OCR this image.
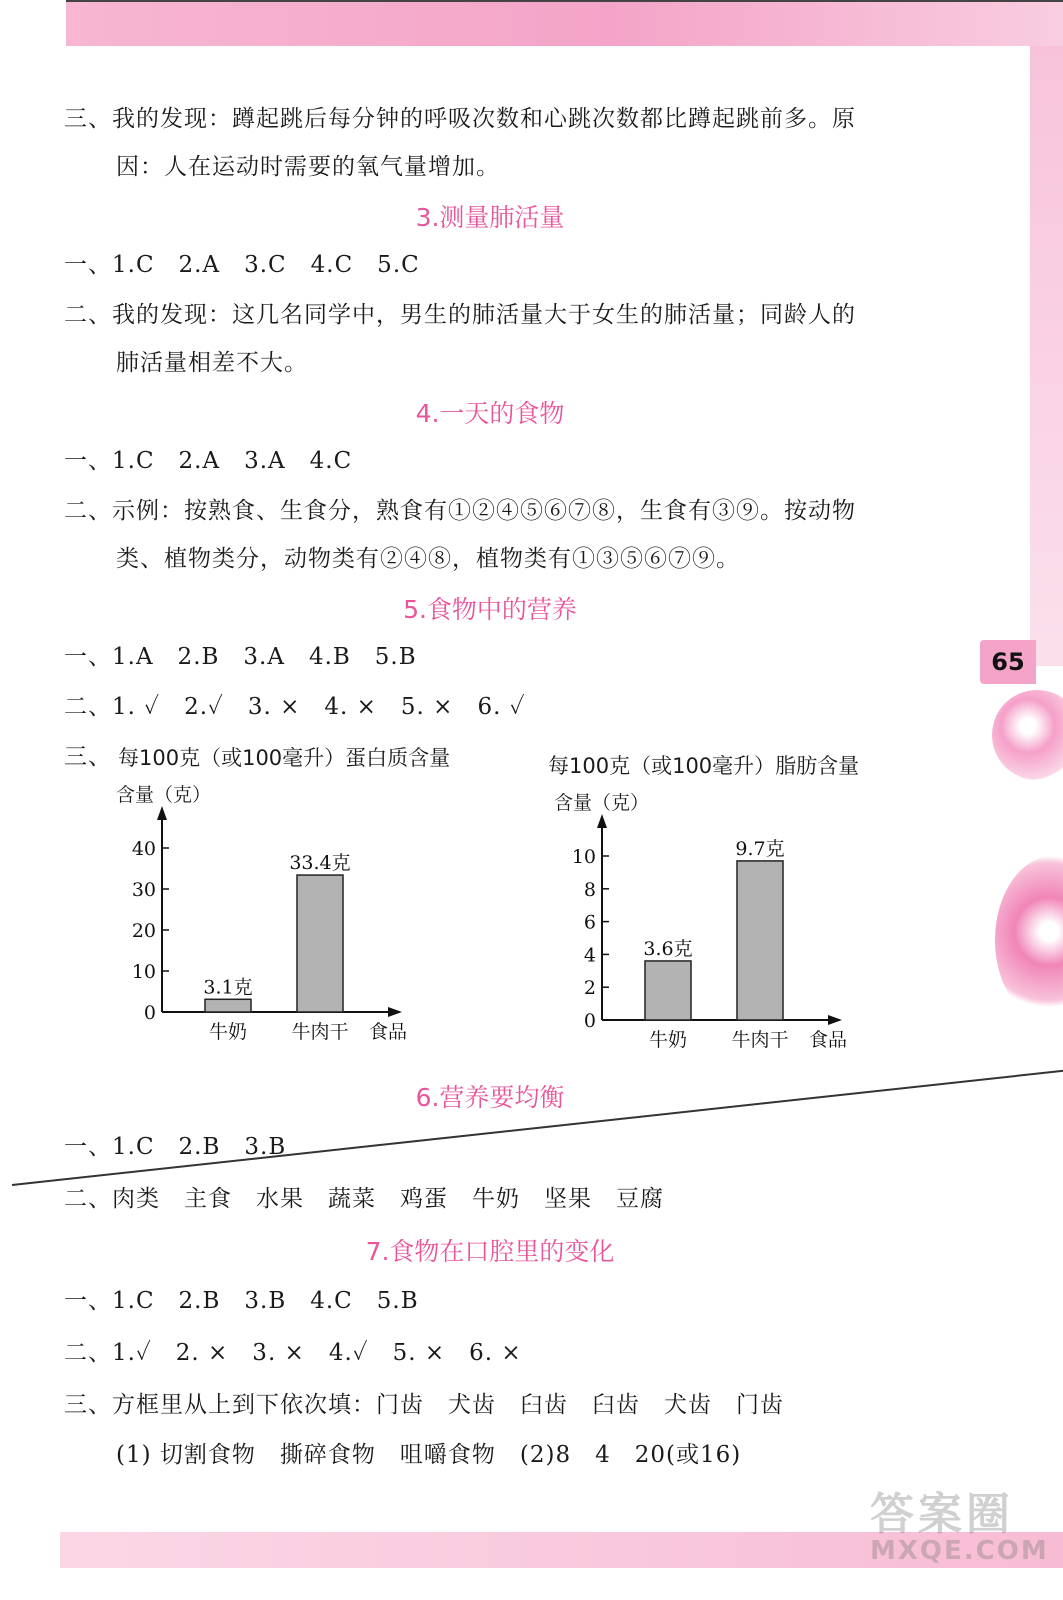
65
三、我的发现：蹲起跳后每分钟的呼吸次数和心跳次数都比蹲起跳前多。原
因：人在运动时需要的氧气量增加。
3.测量肺活量
一、1.C　2.A　3.C　4.C　5.C
二、我的发现：这几名同学中，男生的肺活量大于女生的肺活量；同龄人的
肺活量相差不大。
4.一天的食物
一、1.C　2.A　3.A　4.C
二、示例：按熟食、生食分，熟食有①②④⑤⑥⑦⑧，生食有③⑨。按动物
类、植物类分，动物类有②④⑧，植物类有①③⑤⑥⑦⑨。
5.食物中的营养
一、1.A　2.B　3.A　4.B　5.B
二、1. ✓　2.✓　3. ×　4. ×　5. ×　6. ✓
三、 每100克（或100毫升）蛋白质含量
含量（克）
0
10
20
30
40
3.1克
牛奶
33.4克
牛肉干 食品
每100克（或100毫升）脂肪含量
含量（克）
0
2
4
6
8
10
3.6克
牛奶
9.7克
牛肉干 食品
6.营养要均衡
一、1.C　2.B　3.B
二、肉类　主食　水果　蔬菜　鸡蛋　牛奶　坚果　豆腐
7.食物在口腔里的变化
一、1.C　2.B　3.B　4.C　5.B
二、1.✓　2. ×　3. ×　4.✓　5. ×　6. ×
三、方框里从上到下依次填：门齿　犬齿　臼齿　臼齿　犬齿　门齿
(1) 切割食物　撕碎食物　咀嚼食物　(2)8　4　20(或16)
答案圈
MXQE.COM
